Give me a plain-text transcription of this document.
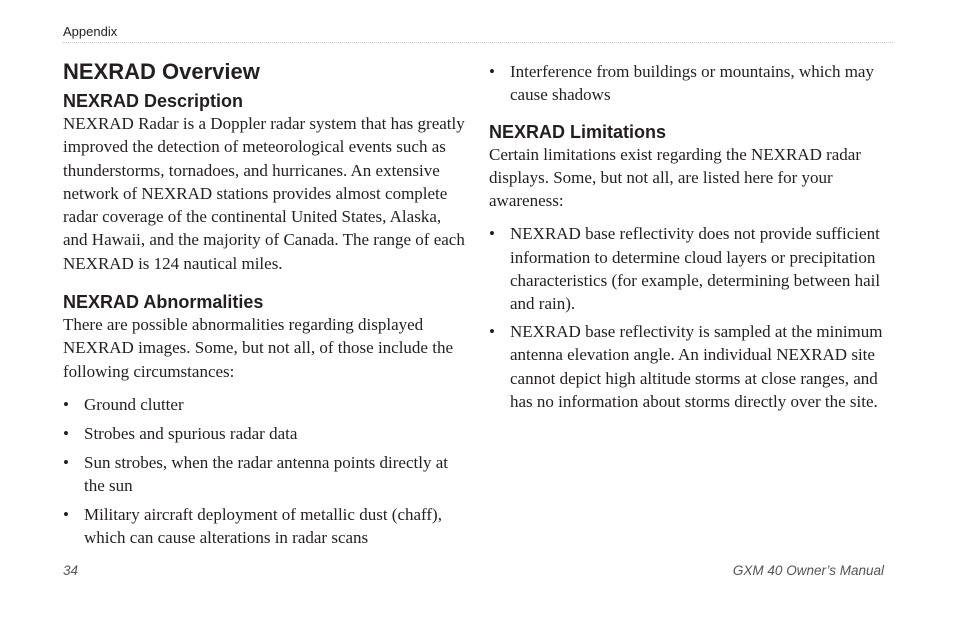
Appendix
NEXRAD Overview
NEXRAD Description

NEXRAD Radar is a Doppler radar system that has greatly improved the detection of meteorological events such as thunderstorms, tornadoes, and hurricanes. An extensive network of NEXRAD stations provides almost complete radar coverage of the continental United States, Alaska, and Hawaii, and the majority of Canada. The range of each NEXRAD is 124 nautical miles.

NEXRAD Abnormalities

There are possible abnormalities regarding displayed NEXRAD images. Some, but not all, of those include the following circumstances:

• Ground clutter
• Strobes and spurious radar data
• Sun strobes, when the radar antenna points directly at the sun
• Military aircraft deployment of metallic dust (chaff), which can cause alterations in radar scans
• Interference from buildings or mountains, which may cause shadows
NEXRAD Limitations

Certain limitations exist regarding the NEXRAD radar displays. Some, but not all, are listed here for your awareness:

• NEXRAD base reflectivity does not provide sufficient information to determine cloud layers or precipitation characteristics (for example, determining between hail and rain).
• NEXRAD base reflectivity is sampled at the minimum antenna elevation angle. An individual NEXRAD site cannot depict high altitude storms at close ranges, and has no information about storms directly over the site.
34	GXM 40 Owner’s Manual
